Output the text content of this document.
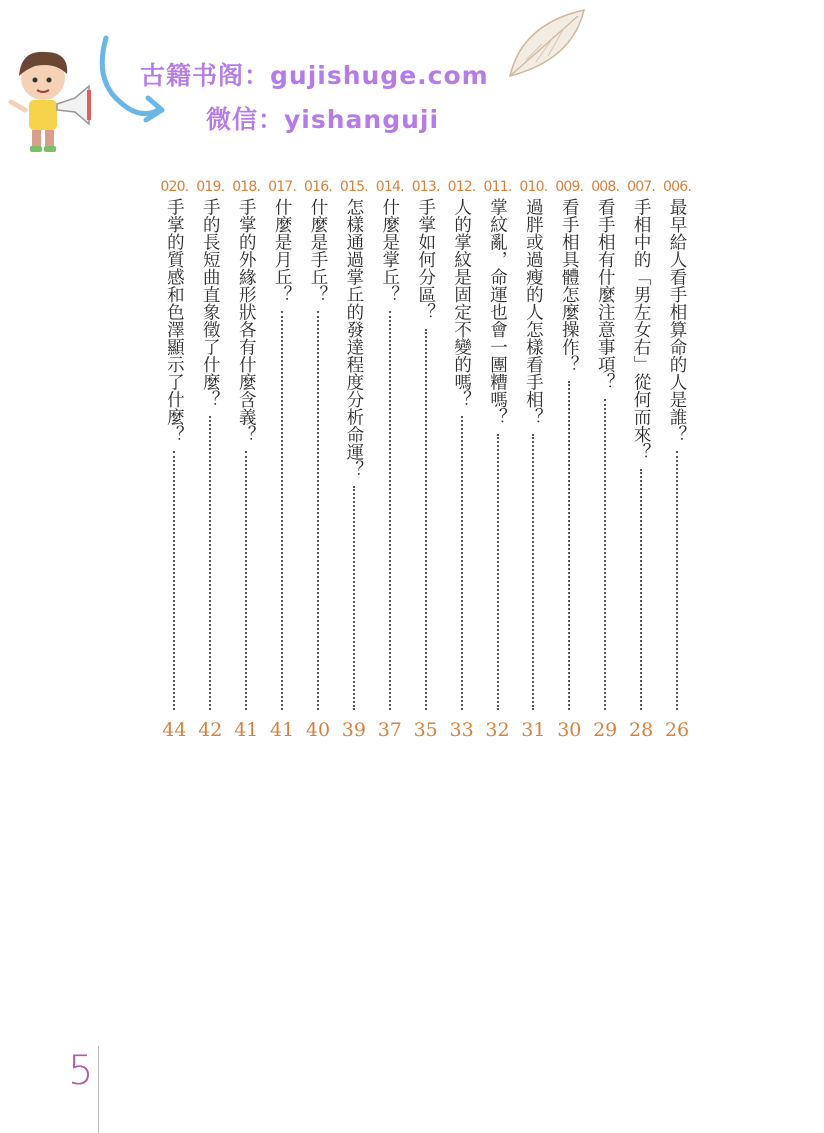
古籍书阁：gujishuge.com
微信：yishanguji
006.
最早給人看手相算命的人是誰？
26
007.
手相中的「男左女右」從何而來？
28
008.
看手相有什麼注意事項？
29
009.
看手相具體怎麼操作？
30
010.
過胖或過瘦的人怎樣看手相？
31
011.
掌紋亂，命運也會一團糟嗎？
32
012.
人的掌紋是固定不變的嗎？
33
013.
手掌如何分區？
35
014.
什麼是掌丘？
37
015.
怎樣通過掌丘的發達程度分析命運？
39
016.
什麼是手丘？
40
017.
什麼是月丘？
41
018.
手掌的外緣形狀各有什麼含義？
41
019.
手的長短曲直象徵了什麼？
42
020.
手掌的質感和色澤顯示了什麼？
44
5
